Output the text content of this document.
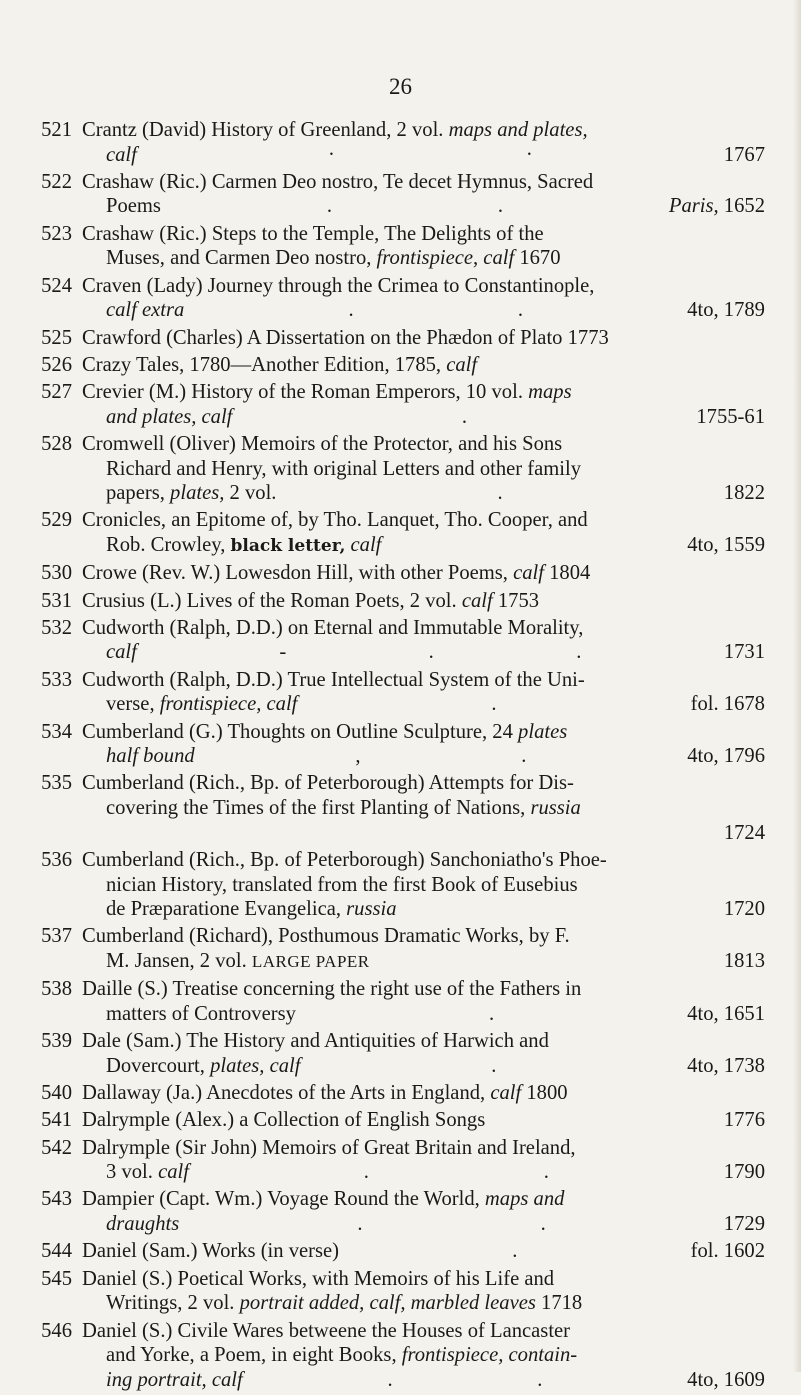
26
521 Crantz (David) History of Greenland, 2 vol. maps and plates,
calf	·	·	1767
522 Crashaw (Ric.) Carmen Deo nostro, Te decet Hymnus, Sacred
Poems	.	.	Paris, 1652
523 Crashaw (Ric.) Steps to the Temple, The Delights of the
Muses, and Carmen Deo nostro, frontispiece, calf 1670
524 Craven (Lady) Journey through the Crimea to Constantinople,
calf extra	.	.	4to, 1789
525 Crawford (Charles) A Dissertation on the Phædon of Plato 1773
526 Crazy Tales, 1780—Another Edition, 1785, calf
527 Crevier (M.) History of the Roman Emperors, 10 vol. maps
and plates, calf	.	1755-61
528 Cromwell (Oliver) Memoirs of the Protector, and his Sons
Richard and Henry, with original Letters and other family
papers, plates, 2 vol.	.	1822
529 Cronicles, an Epitome of, by Tho. Lanquet, Tho. Cooper, and
Rob. Crowley, black letter, calf	4to, 1559
530 Crowe (Rev. W.) Lowesdon Hill, with other Poems, calf 1804
531 Crusius (L.) Lives of the Roman Poets, 2 vol. calf 1753
532 Cudworth (Ralph, D.D.) on Eternal and Immutable Morality,
calf	-	.	.	1731
533 Cudworth (Ralph, D.D.) True Intellectual System of the Uni-
verse, frontispiece, calf	.	fol. 1678
534 Cumberland (G.) Thoughts on Outline Sculpture, 24 plates
half bound	,	.	4to, 1796
535 Cumberland (Rich., Bp. of Peterborough) Attempts for Dis-
covering the Times of the first Planting of Nations, russia
1724
536 Cumberland (Rich., Bp. of Peterborough) Sanchoniatho's Phoe-
nician History, translated from the first Book of Eusebius
de Præparatione Evangelica, russia	1720
537 Cumberland (Richard), Posthumous Dramatic Works, by F.
M. Jansen, 2 vol. LARGE PAPER	1813
538 Daille (S.) Treatise concerning the right use of the Fathers in
matters of Controversy	.	4to, 1651
539 Dale (Sam.) The History and Antiquities of Harwich and
Dovercourt, plates, calf	.	4to, 1738
540 Dallaway (Ja.) Anecdotes of the Arts in England, calf 1800
541 Dalrymple (Alex.) a Collection of English Songs	1776
542 Dalrymple (Sir John) Memoirs of Great Britain and Ireland,
3 vol. calf	.	.	1790
543 Dampier (Capt. Wm.) Voyage Round the World, maps and
draughts	.	.	1729
544 Daniel (Sam.) Works (in verse)	.	fol. 1602
545 Daniel (S.) Poetical Works, with Memoirs of his Life and
Writings, 2 vol. portrait added, calf, marbled leaves 1718
546 Daniel (S.) Civile Wares betweene the Houses of Lancaster
and Yorke, a Poem, in eight Books, frontispiece, contain-
ing portrait, calf	.	.	4to, 1609
